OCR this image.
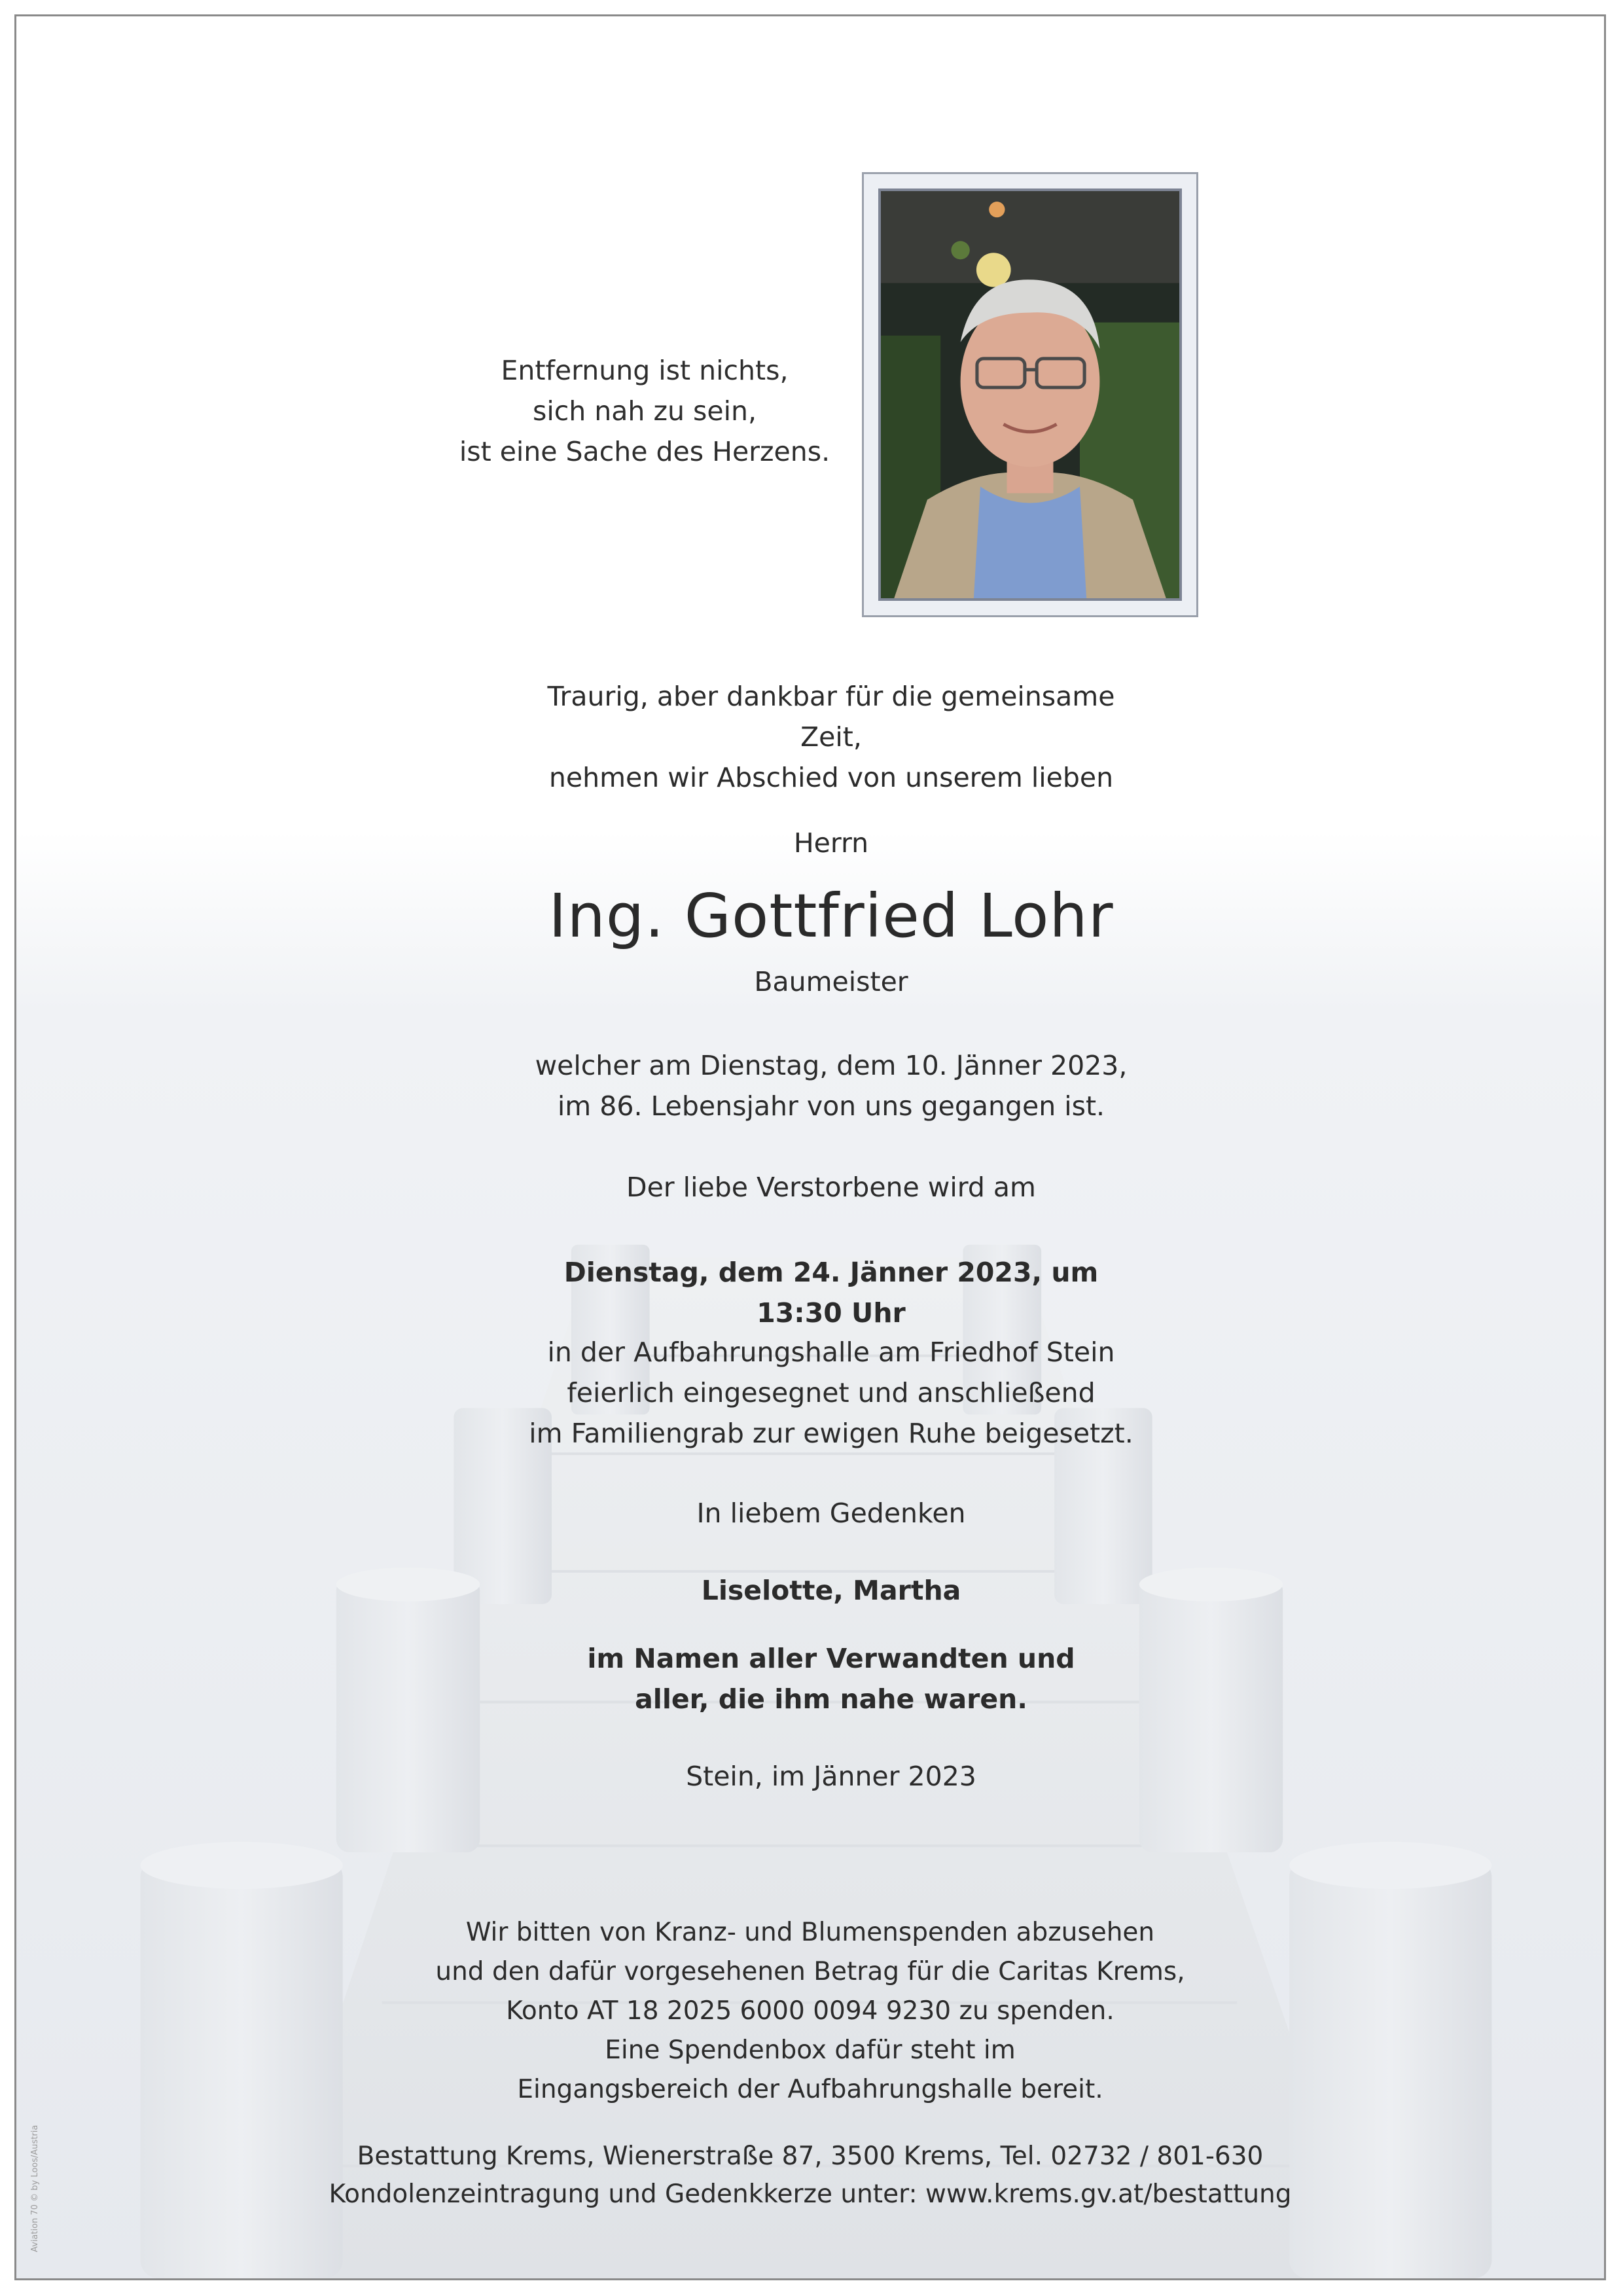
Entfernung ist nichts,
sich nah zu sein,
ist eine Sache des Herzens.
Traurig, aber dankbar für die gemeinsame Zeit,
nehmen wir Abschied von unserem lieben
Herrn
Ing. Gottfried Lohr
Baumeister
welcher am Dienstag, dem 10. Jänner 2023,
im 86. Lebensjahr von uns gegangen ist.
Der liebe Verstorbene wird am
Dienstag, dem 24. Jänner 2023, um 13:30 Uhr
in der Aufbahrungshalle am Friedhof Stein
feierlich eingesegnet und anschließend
im Familiengrab zur ewigen Ruhe beigesetzt.
In liebem Gedenken
Liselotte, Martha
im Namen aller Verwandten und
aller, die ihm nahe waren.
Stein, im Jänner 2023
Wir bitten von Kranz- und Blumenspenden abzusehen
und den dafür vorgesehenen Betrag für die Caritas Krems,
Konto AT 18 2025 6000 0094 9230 zu spenden.
Eine Spendenbox dafür steht im
Eingangsbereich der Aufbahrungshalle bereit.
Bestattung Krems, Wienerstraße 87, 3500 Krems, Tel. 02732 / 801-630
Kondolenzeintragung und Gedenkkerze unter: www.krems.gv.at/bestattung
Aviation 70 © by Loos/Austria
